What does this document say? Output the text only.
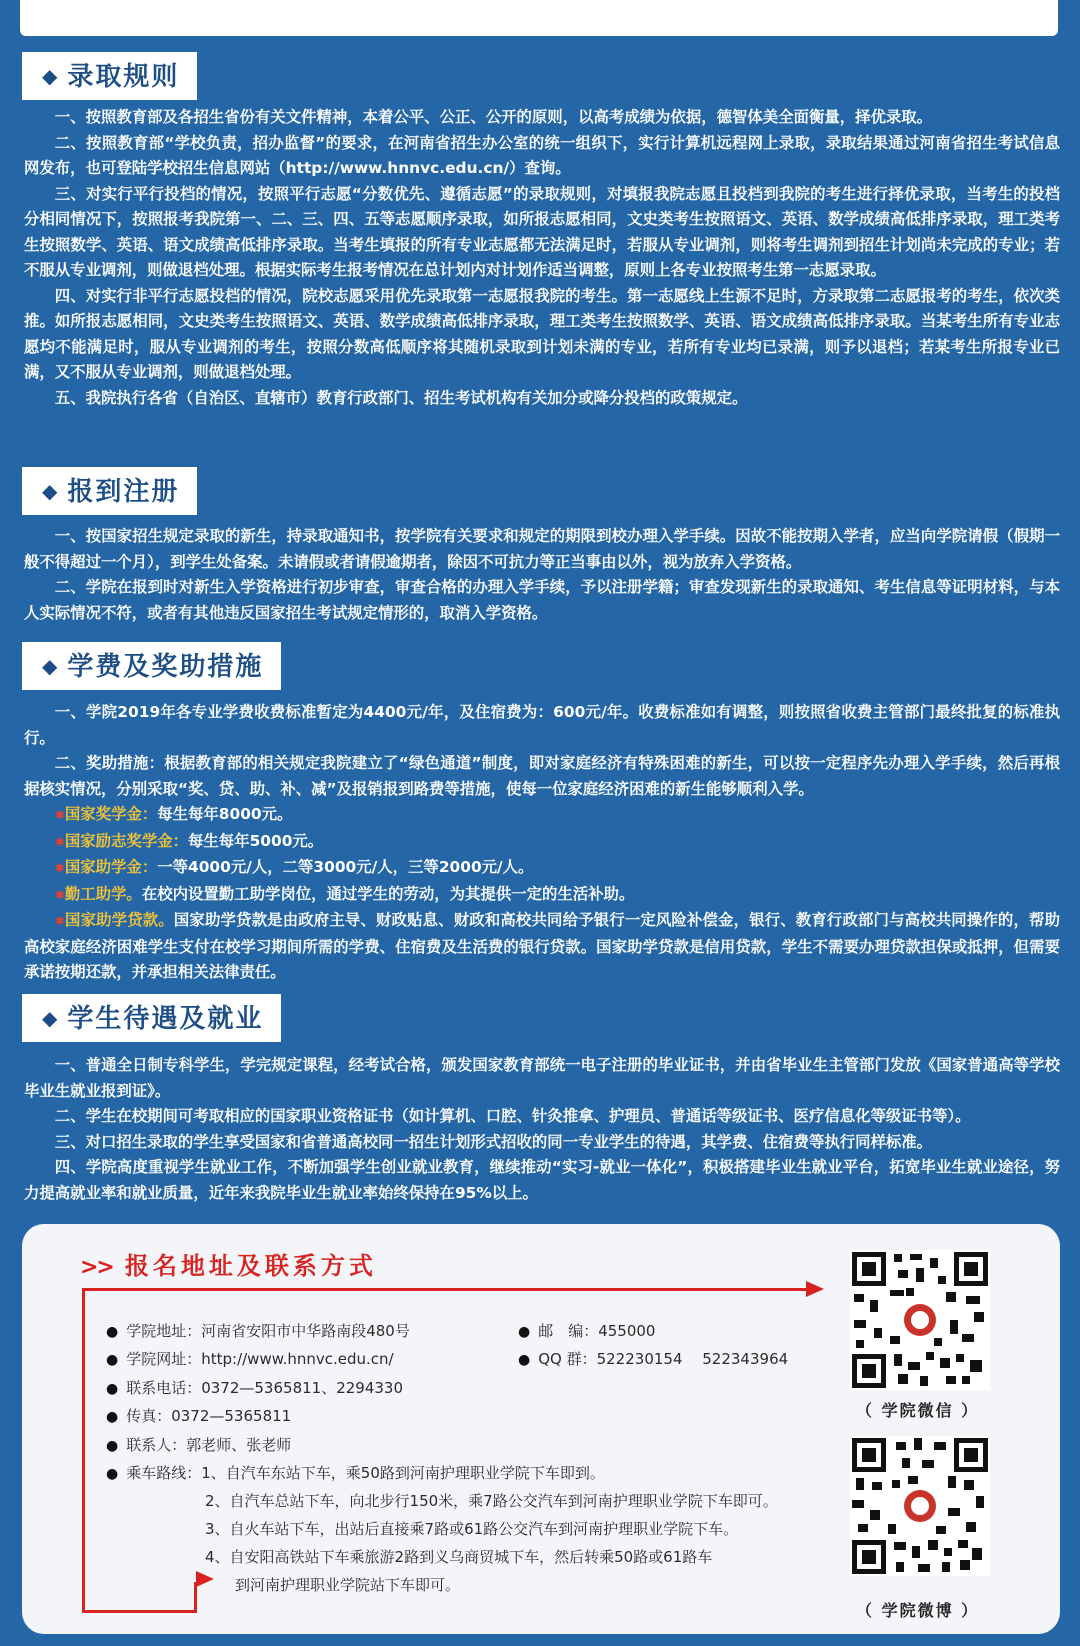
◆ 录取规则

一、按照教育部及各招生省份有关文件精神，本着公平、公正、公开的原则，以高考成绩为依据，德智体美全面衡量，择优录取。

二、按照教育部“学校负责，招办监督”的要求，在河南省招生办公室的统一组织下，实行计算机远程网上录取，录取结果通过河南省招生考试信息网发布，也可登陆学校招生信息网站（http://www.hnnvc.edu.cn/）查询。

三、对实行平行投档的情况，按照平行志愿“分数优先、遵循志愿”的录取规则，对填报我院志愿且投档到我院的考生进行择优录取，当考生的投档分相同情况下，按照报考我院第一、二、三、四、五等志愿顺序录取，如所报志愿相同，文史类考生按照语文、英语、数学成绩高低排序录取，理工类考生按照数学、英语、语文成绩高低排序录取。当考生填报的所有专业志愿都无法满足时，若服从专业调剂，则将考生调剂到招生计划尚未完成的专业；若不服从专业调剂，则做退档处理。根据实际考生报考情况在总计划内对计划作适当调整，原则上各专业按照考生第一志愿录取。

四、对实行非平行志愿投档的情况，院校志愿采用优先录取第一志愿报我院的考生。第一志愿线上生源不足时，方录取第二志愿报考的考生，依次类推。如所报志愿相同，文史类考生按照语文、英语、数学成绩高低排序录取，理工类考生按照数学、英语、语文成绩高低排序录取。当某考生所有专业志愿均不能满足时，服从专业调剂的考生，按照分数高低顺序将其随机录取到计划未满的专业，若所有专业均已录满，则予以退档；若某考生所报专业已满，又不服从专业调剂，则做退档处理。

五、我院执行各省（自治区、直辖市）教育行政部门、招生考试机构有关加分或降分投档的政策规定。

◆ 报到注册

一、按国家招生规定录取的新生，持录取通知书，按学院有关要求和规定的期限到校办理入学手续。因故不能按期入学者，应当向学院请假（假期一般不得超过一个月），到学生处备案。未请假或者请假逾期者，除因不可抗力等正当事由以外，视为放弃入学资格。

二、学院在报到时对新生入学资格进行初步审查，审查合格的办理入学手续，予以注册学籍；审查发现新生的录取通知、考生信息等证明材料，与本人实际情况不符，或者有其他违反国家招生考试规定情形的，取消入学资格。

◆ 学费及奖助措施

一、学院2019年各专业学费收费标准暂定为4400元/年，及住宿费为：600元/年。收费标准如有调整，则按照省收费主管部门最终批复的标准执行。

二、奖助措施：根据教育部的相关规定我院建立了“绿色通道”制度，即对家庭经济有特殊困难的新生，可以按一定程序先办理入学手续，然后再根据核实情况，分别采取“奖、贷、助、补、减”及报销报到路费等措施，使每一位家庭经济困难的新生能够顺利入学。

✱国家奖学金：每生每年8000元。

✱国家励志奖学金：每生每年5000元。

✱国家助学金：一等4000元/人，二等3000元/人，三等2000元/人。

✱勤工助学。在校内设置勤工助学岗位，通过学生的劳动，为其提供一定的生活补助。

✱国家助学贷款。国家助学贷款是由政府主导、财政贴息、财政和高校共同给予银行一定风险补偿金，银行、教育行政部门与高校共同操作的，帮助高校家庭经济困难学生支付在校学习期间所需的学费、住宿费及生活费的银行贷款。国家助学贷款是信用贷款，学生不需要办理贷款担保或抵押，但需要承诺按期还款，并承担相关法律责任。

◆ 学生待遇及就业

一、普通全日制专科学生，学完规定课程，经考试合格，颁发国家教育部统一电子注册的毕业证书，并由省毕业生主管部门发放《国家普通高等学校毕业生就业报到证》。

二、学生在校期间可考取相应的国家职业资格证书（如计算机、口腔、针灸推拿、护理员、普通话等级证书、医疗信息化等级证书等）。

三、对口招生录取的学生享受国家和省普通高校同一招生计划形式招收的同一专业学生的待遇，其学费、住宿费等执行同样标准。

四、学院高度重视学生就业工作，不断加强学生创业就业教育，继续推动“实习-就业一体化”，积极搭建毕业生就业平台，拓宽毕业生就业途径，努力提高就业率和就业质量，近年来我院毕业生就业率始终保持在95%以上。

>> 报名地址及联系方式
● 学院地址：河南省安阳市中华路南段480号
● 学院网址：http://www.hnnvc.edu.cn/
● 联系电话：0372—5365811、2294330
● 传真：0372—5365811
● 联系人：郭老师、张老师
● 乘车路线：1、自汽车东站下车，乘50路到河南护理职业学院下车即到。
2、自汽车总站下车，向北步行150米，乘7路公交汽车到河南护理职业学院下车即可。
3、自火车站下车，出站后直接乘7路或61路公交汽车到河南护理职业学院下车。
4、自安阳高铁站下车乘旅游2路到义乌商贸城下车，然后转乘50路或61路车
到河南护理职业学院站下车即可。
● 邮　编：455000
● QQ 群：522230154　 522343964
（ 学院微信 ）
（ 学院微博 ）
